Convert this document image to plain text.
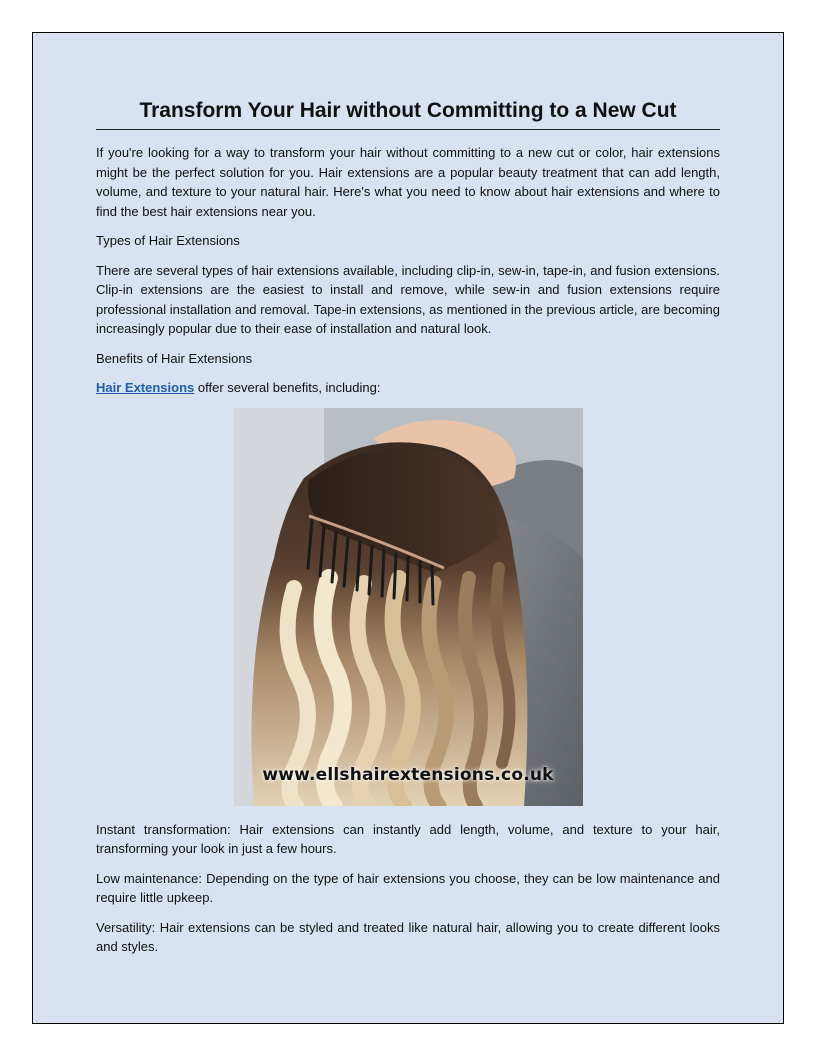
Transform Your Hair without Committing to a New Cut

If you're looking for a way to transform your hair without committing to a new cut or color, hair extensions might be the perfect solution for you. Hair extensions are a popular beauty treatment that can add length, volume, and texture to your natural hair. Here's what you need to know about hair extensions and where to find the best hair extensions near you.

Types of Hair Extensions

There are several types of hair extensions available, including clip-in, sew-in, tape-in, and fusion extensions. Clip-in extensions are the easiest to install and remove, while sew-in and fusion extensions require professional installation and removal. Tape-in extensions, as mentioned in the previous article, are becoming increasingly popular due to their ease of installation and natural look.

Benefits of Hair Extensions

Hair Extensions offer several benefits, including:

www.ellshairextensions.co.uk

Instant transformation: Hair extensions can instantly add length, volume, and texture to your hair, transforming your look in just a few hours.

Low maintenance: Depending on the type of hair extensions you choose, they can be low maintenance and require little upkeep.

Versatility: Hair extensions can be styled and treated like natural hair, allowing you to create different looks and styles.
